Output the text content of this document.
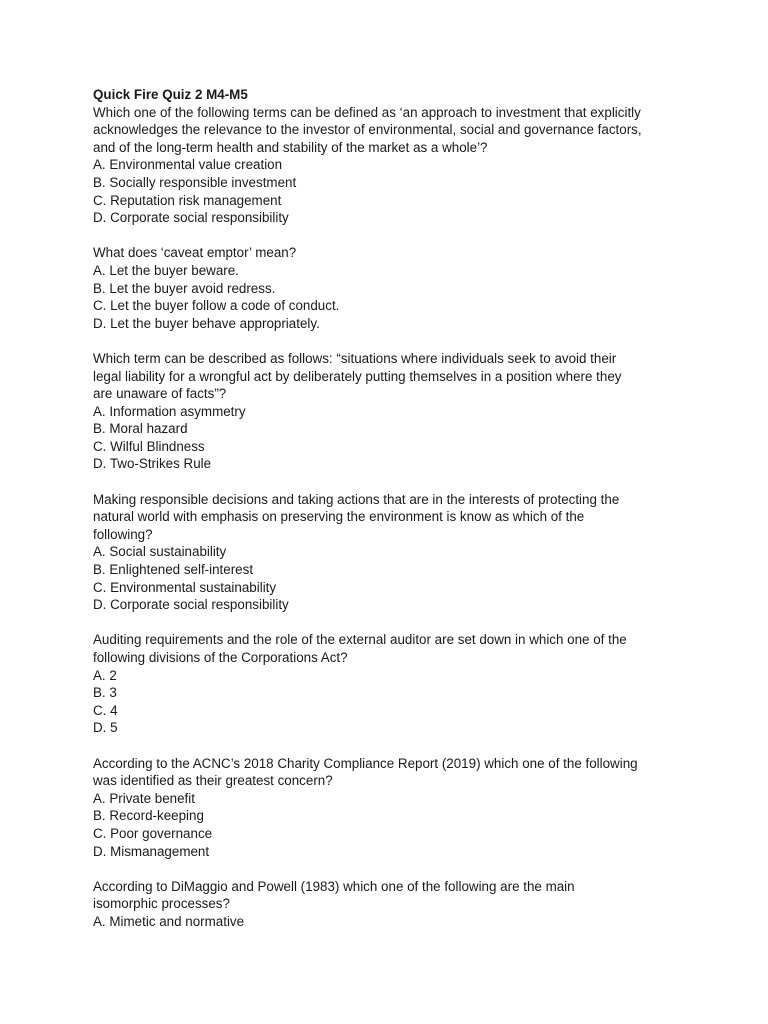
Quick Fire Quiz 2 M4-M5

Which one of the following terms can be defined as ‘an approach to investment that explicitly

acknowledges the relevance to the investor of environmental, social and governance factors,

and of the long-term health and stability of the market as a whole’?

A. Environmental value creation

B. Socially responsible investment

C. Reputation risk management

D. Corporate social responsibility

What does ‘caveat emptor’ mean?

A. Let the buyer beware.

B. Let the buyer avoid redress.

C. Let the buyer follow a code of conduct.

D. Let the buyer behave appropriately.

Which term can be described as follows: “situations where individuals seek to avoid their

legal liability for a wrongful act by deliberately putting themselves in a position where they

are unaware of facts”?

A. Information asymmetry

B. Moral hazard

C. Wilful Blindness

D. Two-Strikes Rule

Making responsible decisions and taking actions that are in the interests of protecting the

natural world with emphasis on preserving the environment is know as which of the

following?

A. Social sustainability

B. Enlightened self-interest

C. Environmental sustainability

D. Corporate social responsibility

Auditing requirements and the role of the external auditor are set down in which one of the

following divisions of the Corporations Act?

A. 2

B. 3

C. 4

D. 5

According to the ACNC’s 2018 Charity Compliance Report (2019) which one of the following

was identified as their greatest concern?

A. Private benefit

B. Record-keeping

C. Poor governance

D. Mismanagement

According to DiMaggio and Powell (1983) which one of the following are the main

isomorphic processes?

A. Mimetic and normative
